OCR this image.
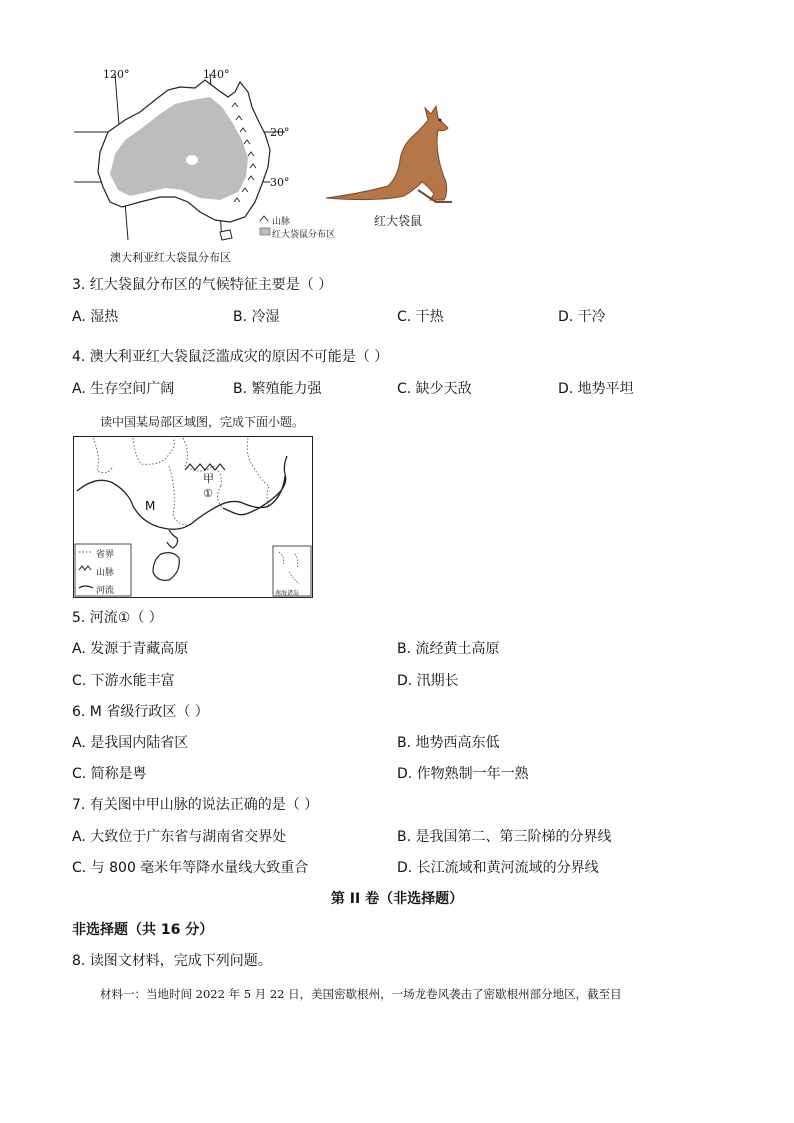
120°	140°
20°
30°
山脉
红大袋鼠分布区
澳大利亚红大袋鼠分布区
红大袋鼠
3. 红大袋鼠分布区的气候特征主要是（ ）
A. 湿热	B. 冷湿	C. 干热	D. 干冷
4. 澳大利亚红大袋鼠泛滥成灾的原因不可能是（ ）
A. 生存空间广阔	B. 繁殖能力强	C. 缺少天敌	D. 地势平坦
读中国某局部区域图，完成下面小题。
甲
①
M
省界
山脉
河流	南海诸岛
5. 河流①（ ）
A. 发源于青藏高原	B. 流经黄土高原
C. 下游水能丰富	D. 汛期长
6. M 省级行政区（ ）
A. 是我国内陆省区	B. 地势西高东低
C. 简称是粤	D. 作物熟制一年一熟
7. 有关图中甲山脉的说法正确的是（ ）
A. 大致位于广东省与湖南省交界处	B. 是我国第二、第三阶梯的分界线
C. 与 800 毫米年等降水量线大致重合	D. 长江流域和黄河流域的分界线
第 II 卷（非选择题）
非选择题（共 16 分）
8. 读图文材料，完成下列问题。
材料一：当地时间 2022 年 5 月 22 日，美国密歇根州，一场龙卷风袭击了密歇根州部分地区，截至目
